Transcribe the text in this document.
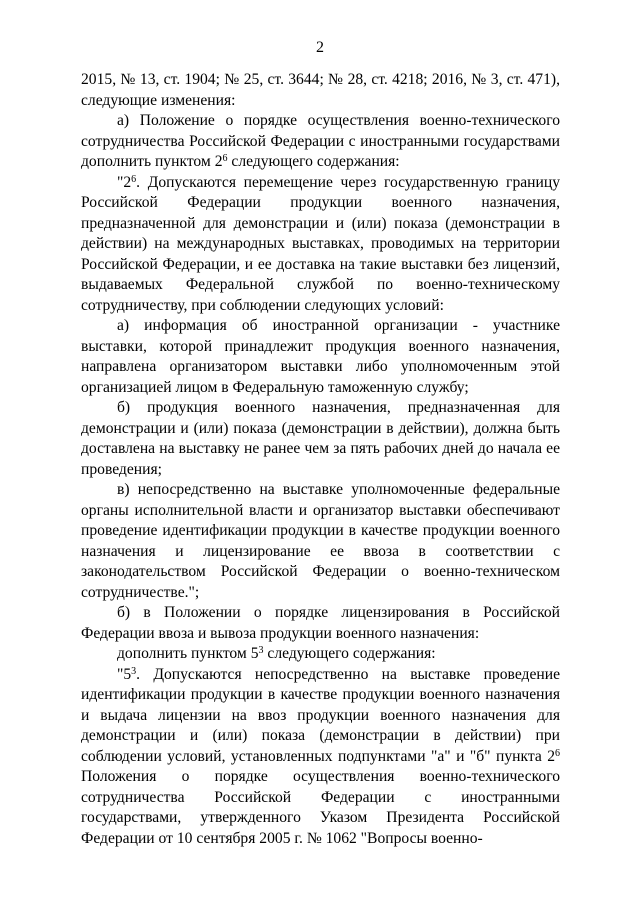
2

2015, № 13, ст. 1904; № 25, ст. 3644; № 28, ст. 4218; 2016, № 3, ст. 471), следующие изменения:

а) Положение о порядке осуществления военно-технического сотрудничества Российской Федерации с иностранными государствами дополнить пунктом $2^6$ следующего содержания:

"$2^6$. Допускаются перемещение через государственную границу Российской Федерации продукции военного назначения, предназначенной для демонстрации и (или) показа (демонстрации в действии) на международных выставках, проводимых на территории Российской Федерации, и ее доставка на такие выставки без лицензий, выдаваемых Федеральной службой по военно-техническому сотрудничеству, при соблюдении следующих условий:

а) информация об иностранной организации - участнике выставки, которой принадлежит продукция военного назначения, направлена организатором выставки либо уполномоченным этой организацией лицом в Федеральную таможенную службу;

б) продукция военного назначения, предназначенная для демонстрации и (или) показа (демонстрации в действии), должна быть доставлена на выставку не ранее чем за пять рабочих дней до начала ее проведения;

в) непосредственно на выставке уполномоченные федеральные органы исполнительной власти и организатор выставки обеспечивают проведение идентификации продукции в качестве продукции военного назначения и лицензирование ее ввоза в соответствии с законодательством Российской Федерации о военно-техническом сотрудничестве.";

б) в Положении о порядке лицензирования в Российской Федерации ввоза и вывоза продукции военного назначения:

дополнить пунктом $5^3$ следующего содержания:

"$5^3$. Допускаются непосредственно на выставке проведение идентификации продукции в качестве продукции военного назначения и выдача лицензии на ввоз продукции военного назначения для демонстрации и (или) показа (демонстрации в действии) при соблюдении условий, установленных подпунктами "а" и "б" пункта $2^6$ Положения о порядке осуществления военно-технического сотрудничества Российской Федерации с иностранными государствами, утвержденного Указом Президента Российской Федерации от 10 сентября 2005 г. № 1062 "Вопросы военно-
